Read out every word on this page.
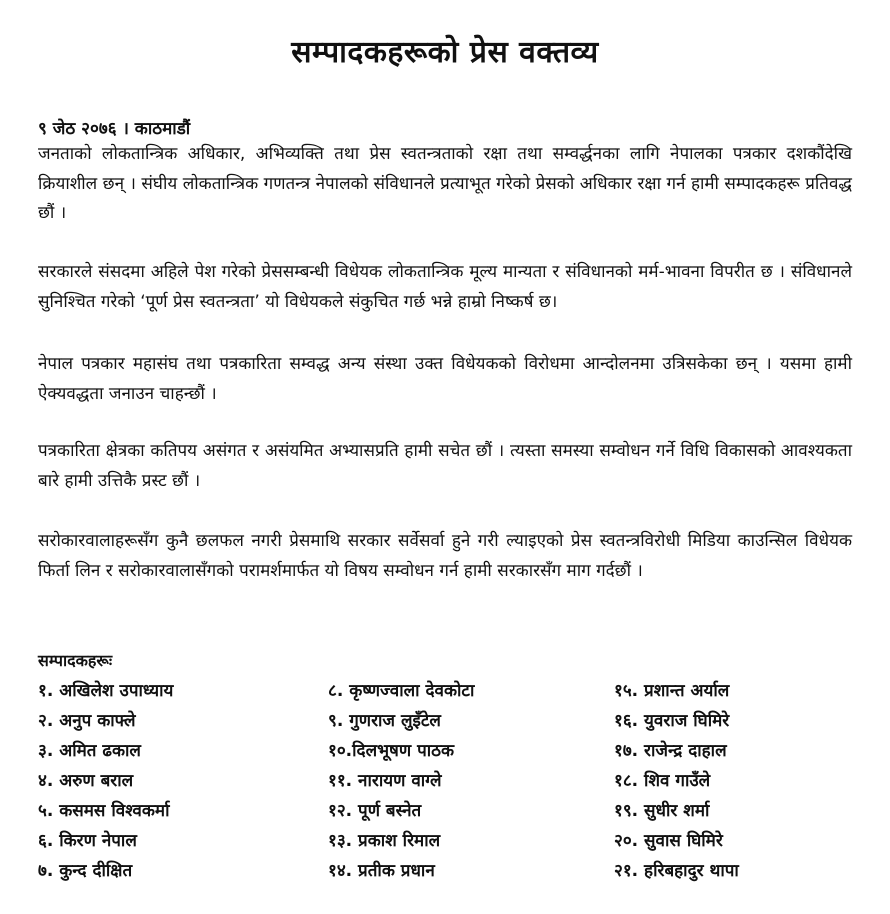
सम्पादकहरूको प्रेस वक्तव्य
९ जेठ २०७६ । काठमाडौं
जनताको लोकतान्त्रिक अधिकार, अभिव्यक्ति तथा प्रेस स्वतन्त्रताको रक्षा तथा सम्वर्द्धनका लागि नेपालका पत्रकार दशकौंदेखि क्रियाशील छन् । संघीय लोकतान्त्रिक गणतन्त्र नेपालको संविधानले प्रत्याभूत गरेको प्रेसको अधिकार रक्षा गर्न हामी सम्पादकहरू प्रतिवद्ध छौं ।
सरकारले संसदमा अहिले पेश गरेको प्रेससम्बन्धी विधेयक लोकतान्त्रिक मूल्य मान्यता र संविधानको मर्म-भावना विपरीत छ । संविधानले सुनिश्चित गरेको ‘पूर्ण प्रेस स्वतन्त्रता’ यो विधेयकले संकुचित गर्छ भन्ने हाम्रो निष्कर्ष छ।
नेपाल पत्रकार महासंघ तथा पत्रकारिता सम्वद्ध अन्य संस्था उक्त विधेयकको विरोधमा आन्दोलनमा उत्रिसकेका छन् । यसमा हामी ऐक्यवद्धता जनाउन चाहन्छौं ।
पत्रकारिता क्षेत्रका कतिपय असंगत र असंयमित अभ्यासप्रति हामी सचेत छौं । त्यस्ता समस्या सम्वोधन गर्ने विधि विकासको आवश्यकता बारे हामी उत्तिकै प्रस्ट छौं ।
सरोकारवालाहरूसँग कुनै छलफल नगरी प्रेसमाथि सरकार सर्वेसर्वा हुने गरी ल्याइएको प्रेस स्वतन्त्रविरोधी मिडिया काउन्सिल विधेयक फिर्ता लिन र सरोकारवालासँगको परामर्शमार्फत यो विषय सम्वोधन गर्न हामी सरकारसँग माग गर्दछौं ।
सम्पादकहरूः
१. अखिलेश उपाध्याय
२. अनुप काफ्ले
३. अमित ढकाल
४. अरुण बराल
५. कसमस विश्वकर्मा
६. किरण नेपाल
७. कुन्द दीक्षित
८. कृष्णज्वाला देवकोटा
९. गुणराज लुइँटेल
१०.दिलभूषण पाठक
११. नारायण वाग्ले
१२. पूर्ण बस्नेत
१३. प्रकाश रिमाल
१४. प्रतीक प्रधान
१५. प्रशान्त अर्याल
१६. युवराज घिमिरे
१७. राजेन्द्र दाहाल
१८. शिव गाउँले
१९. सुधीर शर्मा
२०. सुवास घिमिरे
२१. हरिबहादुर थापा
